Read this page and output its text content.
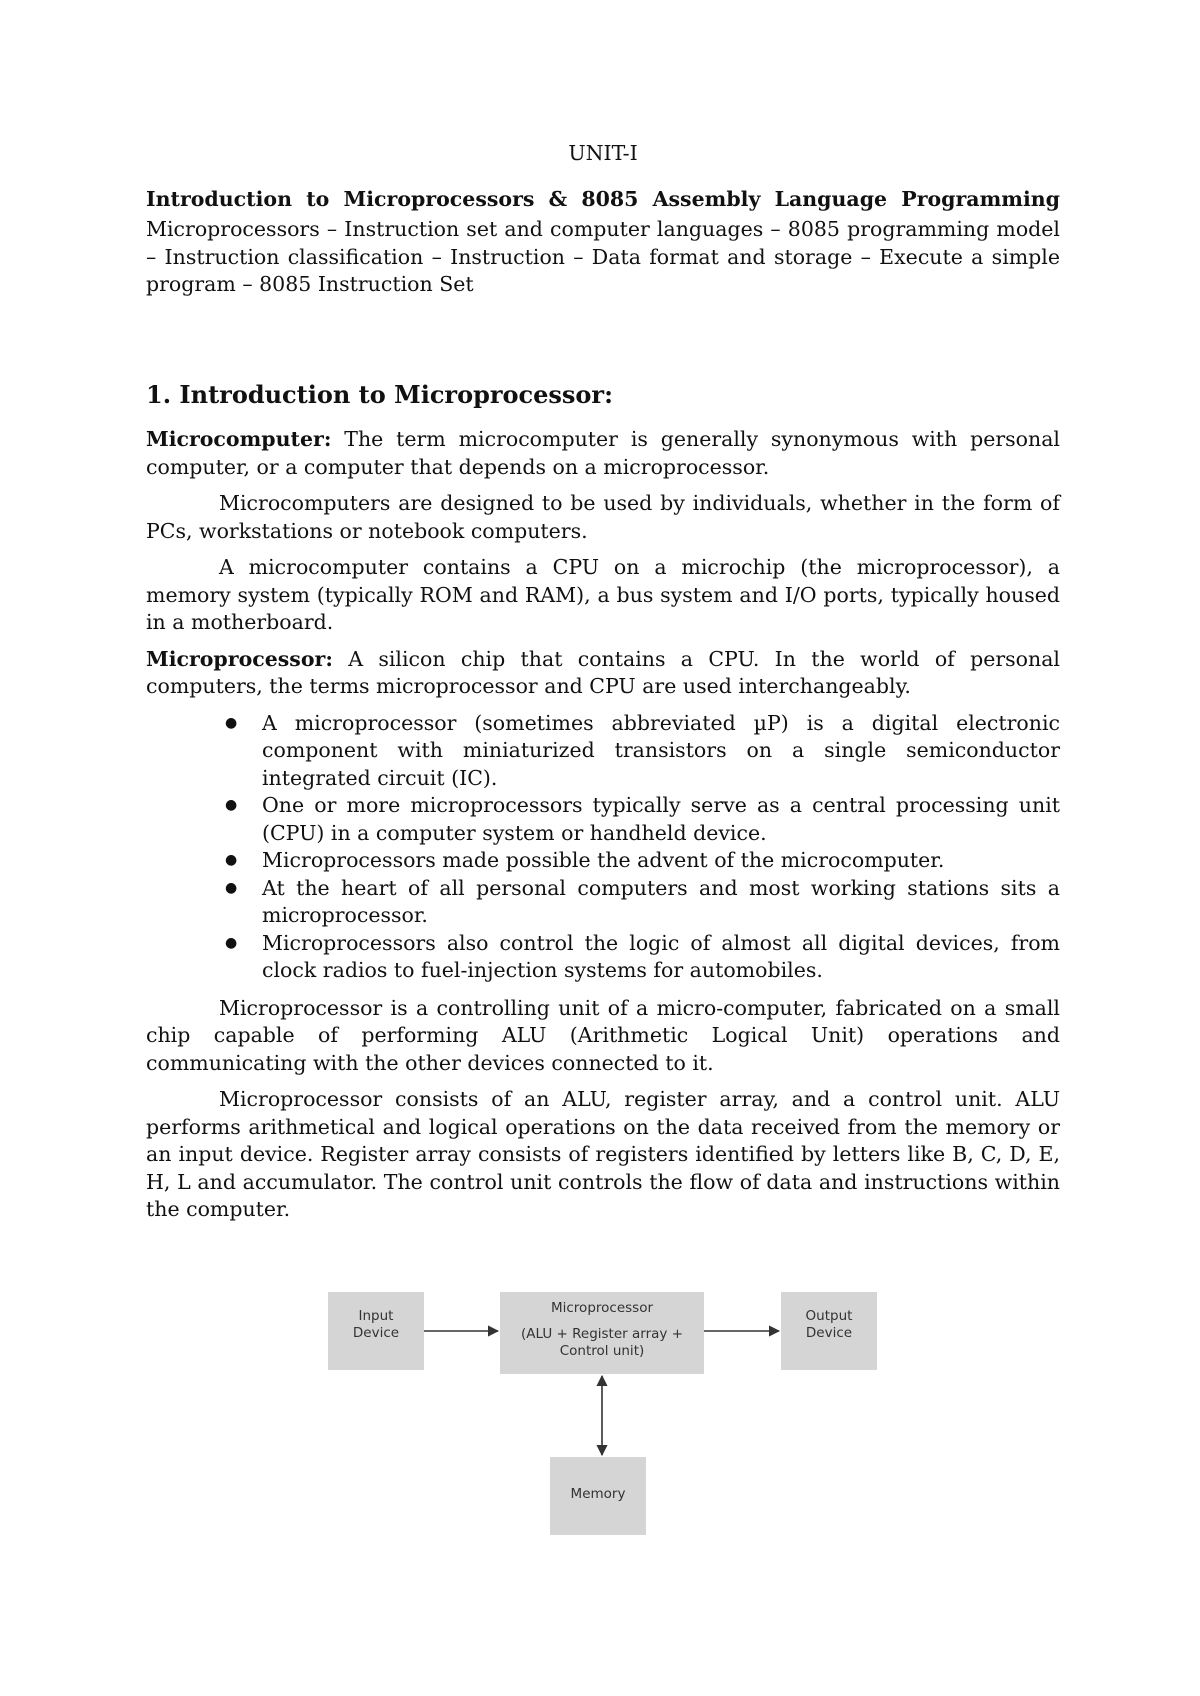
UNIT-I

Introduction to Microprocessors & 8085 Assembly Language Programming

Microprocessors – Instruction set and computer languages – 8085 programming model – Instruction classification – Instruction – Data format and storage – Execute a simple program – 8085 Instruction Set

1. Introduction to Microprocessor:

Microcomputer: The term microcomputer is generally synonymous with personal computer, or a computer that depends on a microprocessor.

Microcomputers are designed to be used by individuals, whether in the form of PCs, workstations or notebook computers.

A microcomputer contains a CPU on a microchip (the microprocessor), a memory system (typically ROM and RAM), a bus system and I/O ports, typically housed in a motherboard.

Microprocessor: A silicon chip that contains a CPU. In the world of personal computers, the terms microprocessor and CPU are used interchangeably.

● A microprocessor (sometimes abbreviated µP) is a digital electronic component with miniaturized transistors on a single semiconductor integrated circuit (IC).
● One or more microprocessors typically serve as a central processing unit (CPU) in a computer system or handheld device.
● Microprocessors made possible the advent of the microcomputer.
● At the heart of all personal computers and most working stations sits a microprocessor.
● Microprocessors also control the logic of almost all digital devices, from clock radios to fuel-injection systems for automobiles.

Microprocessor is a controlling unit of a micro-computer, fabricated on a small chip capable of performing ALU (Arithmetic Logical Unit) operations and communicating with the other devices connected to it.

Microprocessor consists of an ALU, register array, and a control unit. ALU performs arithmetical and logical operations on the data received from the memory or an input device. Register array consists of registers identified by letters like B, C, D, E, H, L and accumulator. The control unit controls the flow of data and instructions within the computer.

Input
Device
Microprocessor
(ALU + Register array +
Control unit)
Output
Device
Memory
